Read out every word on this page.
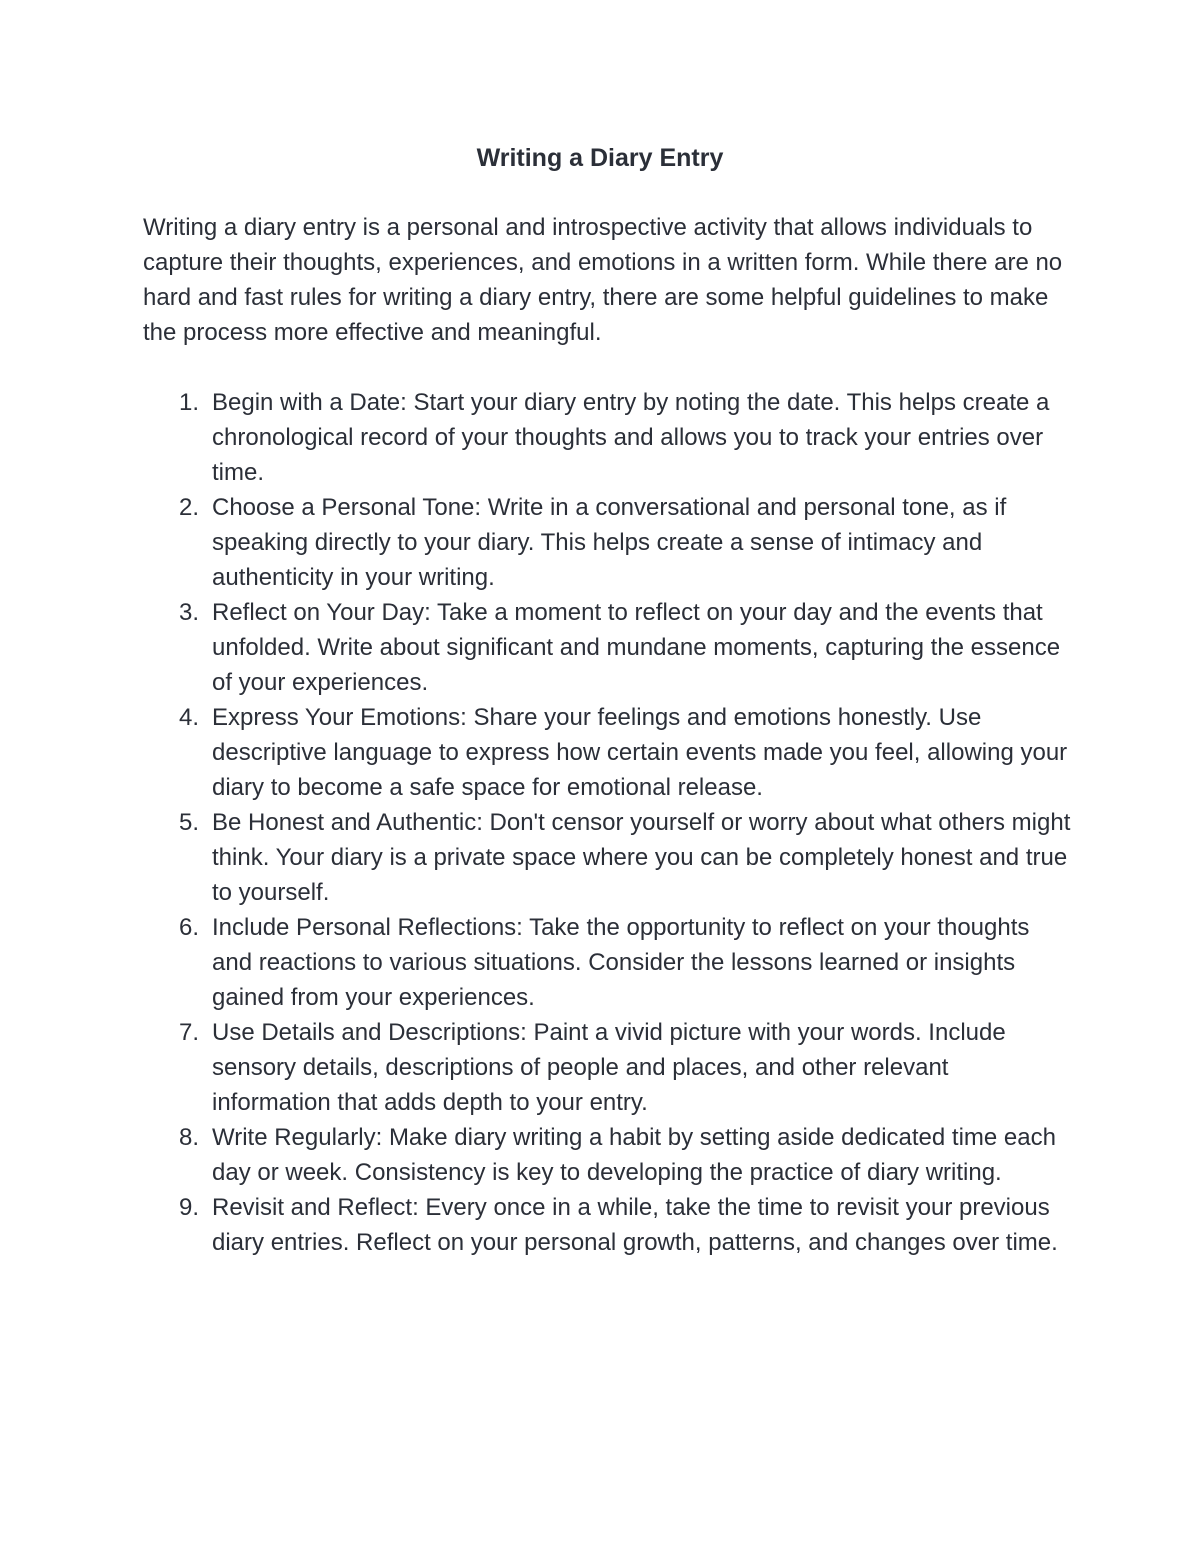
Writing a Diary Entry

Writing a diary entry is a personal and introspective activity that allows individuals to capture their thoughts, experiences, and emotions in a written form. While there are no hard and fast rules for writing a diary entry, there are some helpful guidelines to make the process more effective and meaningful.

1. Begin with a Date: Start your diary entry by noting the date. This helps create a chronological record of your thoughts and allows you to track your entries over time.
2. Choose a Personal Tone: Write in a conversational and personal tone, as if speaking directly to your diary. This helps create a sense of intimacy and authenticity in your writing.
3. Reflect on Your Day: Take a moment to reflect on your day and the events that unfolded. Write about significant and mundane moments, capturing the essence of your experiences.
4. Express Your Emotions: Share your feelings and emotions honestly. Use descriptive language to express how certain events made you feel, allowing your diary to become a safe space for emotional release.
5. Be Honest and Authentic: Don't censor yourself or worry about what others might think. Your diary is a private space where you can be completely honest and true to yourself.
6. Include Personal Reflections: Take the opportunity to reflect on your thoughts and reactions to various situations. Consider the lessons learned or insights gained from your experiences.
7. Use Details and Descriptions: Paint a vivid picture with your words. Include sensory details, descriptions of people and places, and other relevant information that adds depth to your entry.
8. Write Regularly: Make diary writing a habit by setting aside dedicated time each day or week. Consistency is key to developing the practice of diary writing.
9. Revisit and Reflect: Every once in a while, take the time to revisit your previous diary entries. Reflect on your personal growth, patterns, and changes over time.
